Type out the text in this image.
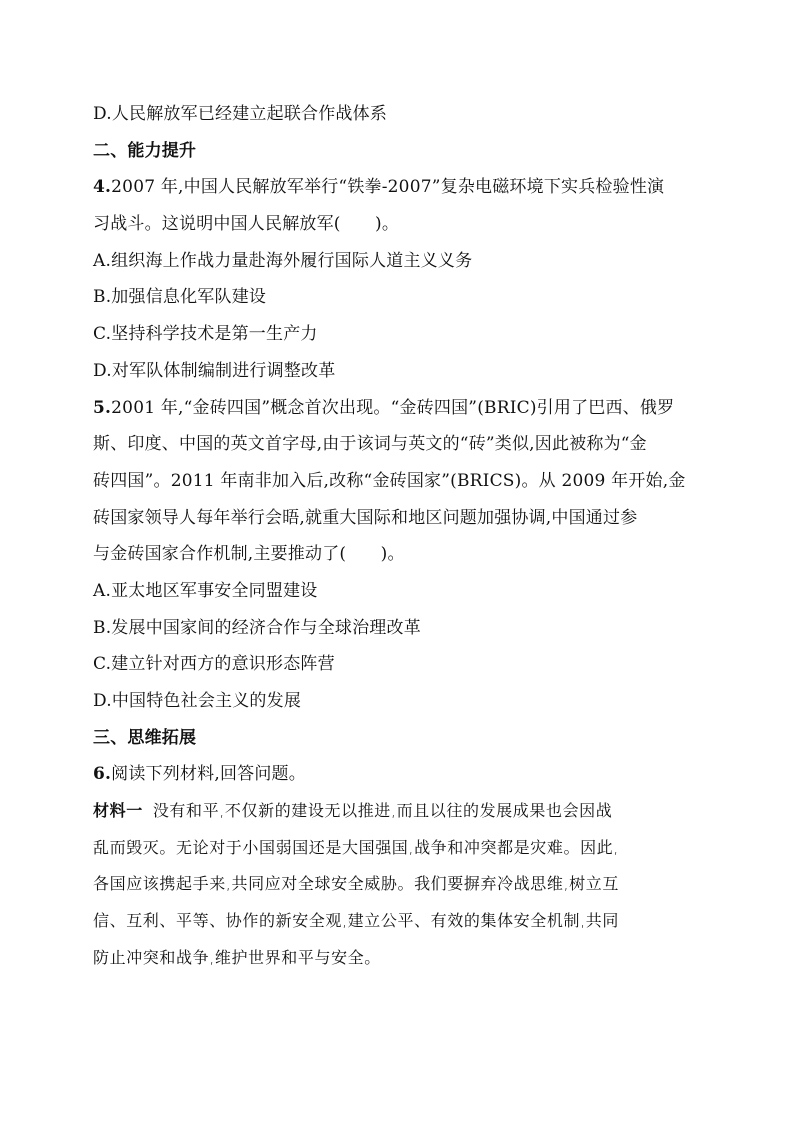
D.人民解放军已经建立起联合作战体系
二、能力提升
4.2007 年,中国人民解放军举行“铁拳-2007”复杂电磁环境下实兵检验性演
习战斗。这说明中国人民解放军(　　)。
A.组织海上作战力量赴海外履行国际人道主义义务
B.加强信息化军队建设
C.坚持科学技术是第一生产力
D.对军队体制编制进行调整改革
5.2001 年,“金砖四国”概念首次出现。“金砖四国”(BRIC)引用了巴西、俄罗
斯、印度、中国的英文首字母,由于该词与英文的“砖”类似,因此被称为“金
砖四国”。2011 年南非加入后,改称“金砖国家”(BRICS)。从 2009 年开始,金
砖国家领导人每年举行会晤,就重大国际和地区问题加强协调,中国通过参
与金砖国家合作机制,主要推动了(　　)。
A.亚太地区军事安全同盟建设
B.发展中国家间的经济合作与全球治理改革
C.建立针对西方的意识形态阵营
D.中国特色社会主义的发展
三、思维拓展
6.阅读下列材料,回答问题。
材料一 没有和平,不仅新的建设无以推进,而且以往的发展成果也会因战
乱而毁灭。无论对于小国弱国还是大国强国,战争和冲突都是灾难。因此,
各国应该携起手来,共同应对全球安全威胁。我们要摒弃冷战思维,树立互
信、互利、平等、协作的新安全观,建立公平、有效的集体安全机制,共同
防止冲突和战争,维护世界和平与安全。
